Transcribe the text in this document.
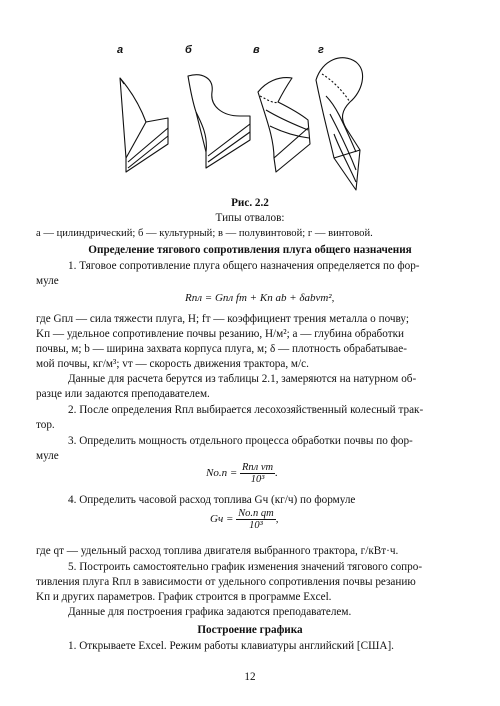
а	б	в	г
Рис. 2.2
Типы отвалов:
а — цилиндрический; б — культурный; в — полувинтовой; г — винтовой.
Определение тягового сопротивления плуга общего назначения
1. Тяговое сопротивление плуга общего назначения определяется по фор-
муле
Rпл = Gпл fт + Kп ab + δabvт²,
где Gпл — сила тяжести плуга, Н; fт — коэффициент трения металла о почву;
Kп — удельное сопротивление почвы резанию, Н/м²; a — глубина обработки
почвы, м; b — ширина захвата корпуса плуга, м; δ — плотность обрабатывае-
мой почвы, кг/м³; vт — скорость движения трактора, м/с.
Данные для расчета берутся из таблицы 2.1, замеряются на натурном об-
разце или задаются преподавателем.
2. После определения Rпл выбирается лесохозяйственный колесный трак-
тор.
3. Определить мощность отдельного процесса обработки почвы по фор-
муле
$Nо.п = \frac{\text{Rпл vт}}{\text{10³}}$ .
4. Определить часовой расход топлива Gч (кг/ч) по формуле
Gч = $\frac{\text{Nо.п qт}}{\text{10³}}$ ,
где qт — удельный расход топлива двигателя выбранного трактора, г/кВт·ч.
5. Построить самостоятельно график изменения значений тягового сопро-
тивления плуга Rпл в зависимости от удельного сопротивления почвы резанию
Kп и других параметров. График строится в программе Excel.
Данные для построения графика задаются преподавателем.
Построение графика
1. Открываете Excel. Режим работы клавиатуры английский [США].
12
